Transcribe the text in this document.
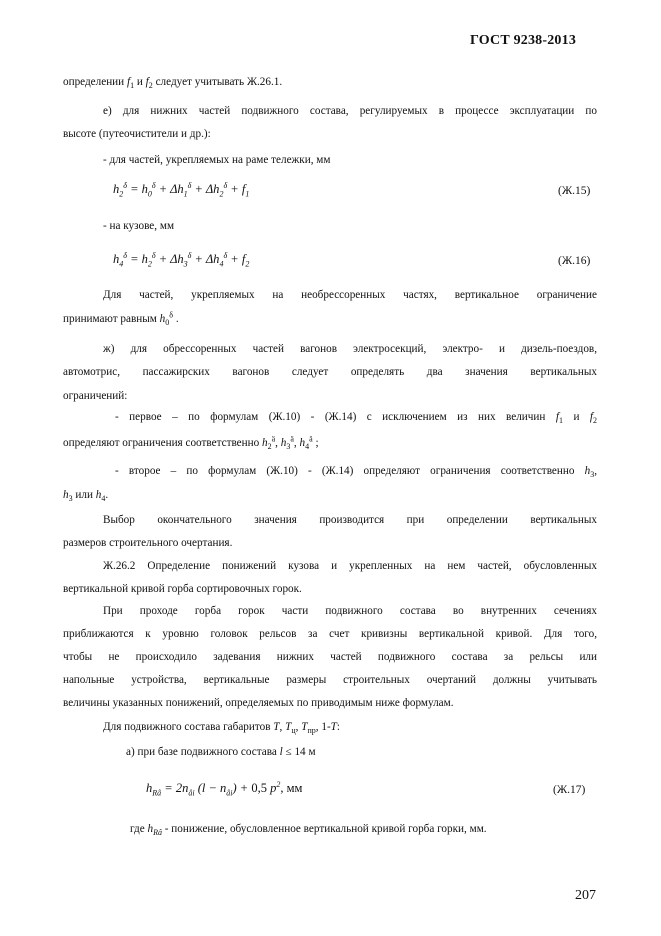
ГОСТ 9238-2013
определении $f_1$ и $f_2$ следует учитывать Ж.26.1.
е) для нижних частей подвижного состава, регулируемых в процессе эксплуатации по
высоте (путеочистители и др.):
- для частей, укрепляемых на раме тележки, мм
$h_2^\delta = h_0^\delta + \Delta h_1^\delta + \Delta h_2^\delta + f_1$	(Ж.15)
- на кузове, мм
$h_4^\delta = h_2^\delta + \Delta h_3^\delta + \Delta h_4^\delta + f_2$	(Ж.16)
Для частей, укрепляемых на необрессоренных частях, вертикальное ограничение
принимают равным $h_0^\delta$ .
ж) для обрессоренных частей вагонов электросекций, электро- и дизель-поездов,
автомотрис, пассажирских вагонов следует определять два значения вертикальных
ограничений:
- первое – по формулам (Ж.10) - (Ж.14) с исключением из них величин $f_1$ и $f_2$
определяют ограничения соответственно $h_2^ä$, $h_3^ä$, $h_4^ä$ ;
- второе – по формулам (Ж.10) - (Ж.14) определяют ограничения соответственно $h_3$,
$h_3$ или $h_4$.
Выбор окончательного значения производится при определении вертикальных
размеров строительного очертания.
Ж.26.2 Определение понижений кузова и укрепленных на нем частей, обусловленных
вертикальной кривой горба сортировочных горок.
При проходе горба горок части подвижного состава во внутренних сечениях
приближаются к уровню головок рельсов за счет кривизны вертикальной кривой. Для того,
чтобы не происходило задевания нижних частей подвижного состава за рельсы или
напольные устройства, вертикальные размеры строительных очертаний должны учитывать
величины указанных понижений, определяемых по приводимым ниже формулам.
Для подвижного состава габаритов Т, $Т_ц$, $Т_{пр}$, 1-Т:
а) при базе подвижного состава l ≤ 14 м
$h_{Râ} = 2n_{âi}$ $(l - n_{âi}) + 0,5$ $p^2$, мм	(Ж.17)
где $h_{Râ}$ - понижение, обусловленное вертикальной кривой горба горки, мм.
207
